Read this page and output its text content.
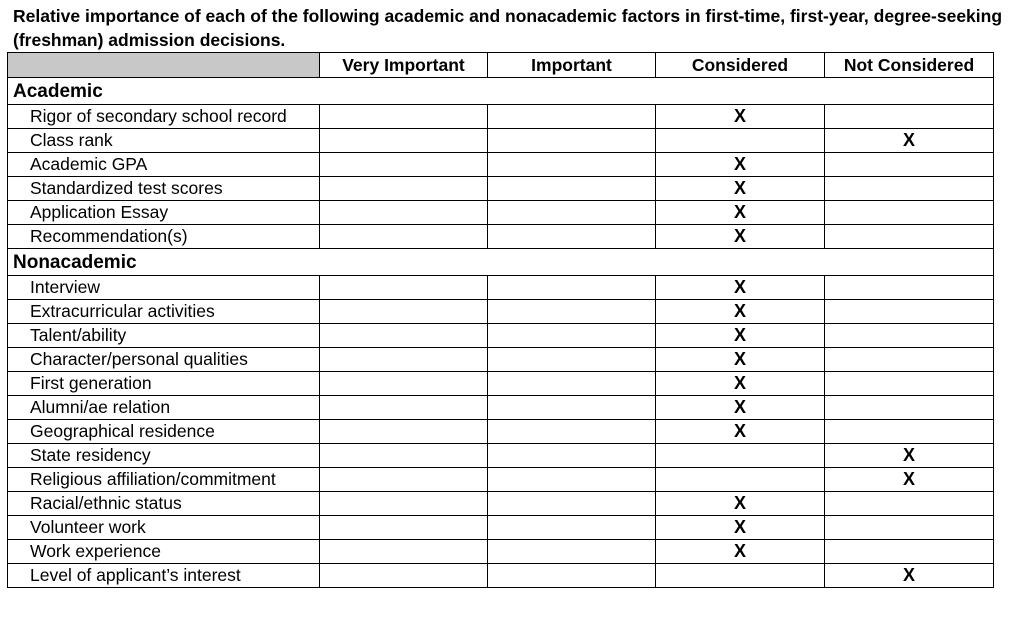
Relative importance of each of the following academic and nonacademic factors in first-time, first-year, degree-seeking (freshman) admission decisions.

	Very Important	Important	Considered	Not Considered
Academic				
Rigor of secondary school record			X	
Class rank				X
Academic GPA			X	
Standardized test scores			X	
Application Essay			X	
Recommendation(s)			X	
Nonacademic				
Interview			X	
Extracurricular activities			X	
Talent/ability			X	
Character/personal qualities			X	
First generation			X	
Alumni/ae relation			X	
Geographical residence			X	
State residency				X
Religious affiliation/commitment				X
Racial/ethnic status			X	
Volunteer work			X	
Work experience			X	
Level of applicant’s interest				X
